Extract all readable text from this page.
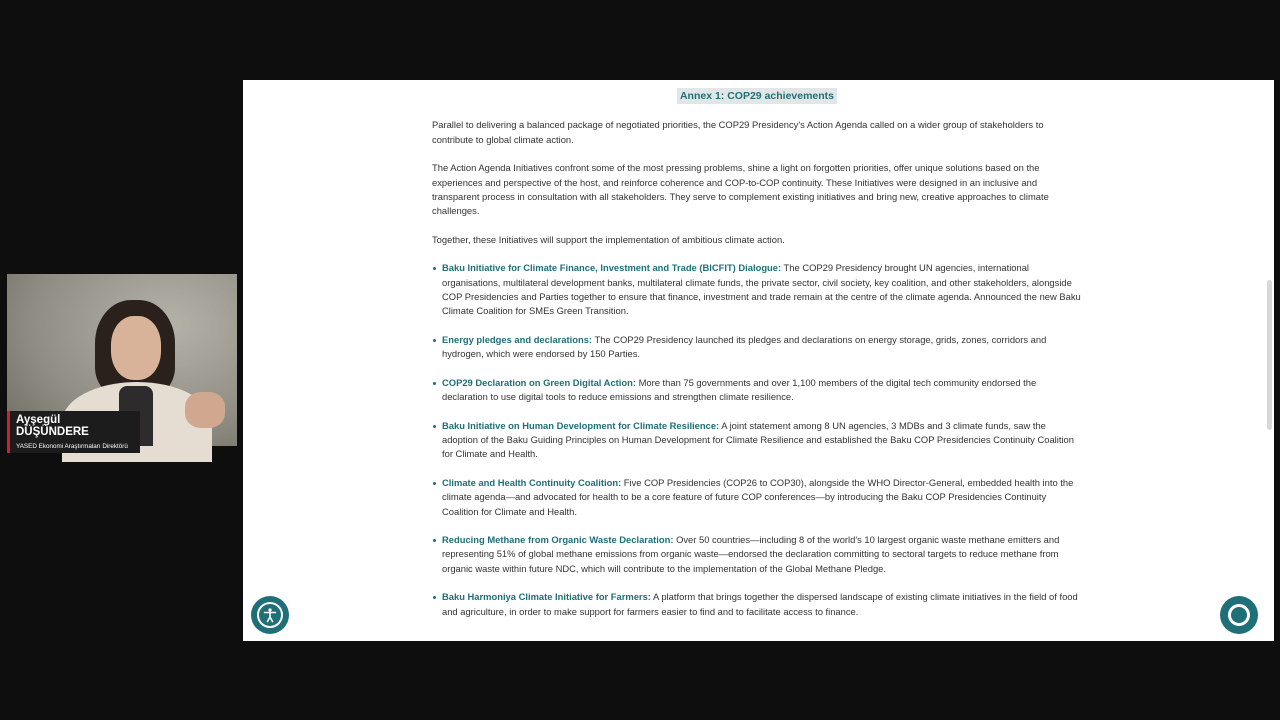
Annex 1: COP29 achievements

Parallel to delivering a balanced package of negotiated priorities, the COP29 Presidency's Action Agenda called on a wider group of stakeholders to contribute to global climate action.

The Action Agenda Initiatives confront some of the most pressing problems, shine a light on forgotten priorities, offer unique solutions based on the experiences and perspective of the host, and reinforce coherence and COP-to-COP continuity. These Initiatives were designed in an inclusive and transparent process in consultation with all stakeholders. They serve to complement existing initiatives and bring new, creative approaches to climate challenges.

Together, these Initiatives will support the implementation of ambitious climate action.

Baku Initiative for Climate Finance, Investment and Trade (BICFIT) Dialogue: The COP29 Presidency brought UN agencies, international organisations, multilateral development banks, multilateral climate funds, the private sector, civil society, key coalition, and other stakeholders, alongside COP Presidencies and Parties together to ensure that finance, investment and trade remain at the centre of the climate agenda. Announced the new Baku Climate Coalition for SMEs Green Transition.
Energy pledges and declarations: The COP29 Presidency launched its pledges and declarations on energy storage, grids, zones, corridors and hydrogen, which were endorsed by 150 Parties.
COP29 Declaration on Green Digital Action: More than 75 governments and over 1,100 members of the digital tech community endorsed the declaration to use digital tools to reduce emissions and strengthen climate resilience.
Baku Initiative on Human Development for Climate Resilience: A joint statement among 8 UN agencies, 3 MDBs and 3 climate funds, saw the adoption of the Baku Guiding Principles on Human Development for Climate Resilience and established the Baku COP Presidencies Continuity Coalition for Climate and Health.
Climate and Health Continuity Coalition: Five COP Presidencies (COP26 to COP30), alongside the WHO Director-General, embedded health into the climate agenda—and advocated for health to be a core feature of future COP conferences—by introducing the Baku COP Presidencies Continuity Coalition for Climate and Health.
Reducing Methane from Organic Waste Declaration: Over 50 countries—including 8 of the world's 10 largest organic waste methane emitters and representing 51% of global methane emissions from organic waste—endorsed the declaration committing to sectoral targets to reduce methane from organic waste within future NDC, which will contribute to the implementation of the Global Methane Pledge.
Baku Harmoniya Climate Initiative for Farmers: A platform that brings together the dispersed landscape of existing climate initiatives in the field of food and agriculture, in order to make support for farmers easier to find and to facilitate access to finance.
Ayşegül DÜŞÜNDERE
YASED Ekonomi Araştırmaları Direktörü
